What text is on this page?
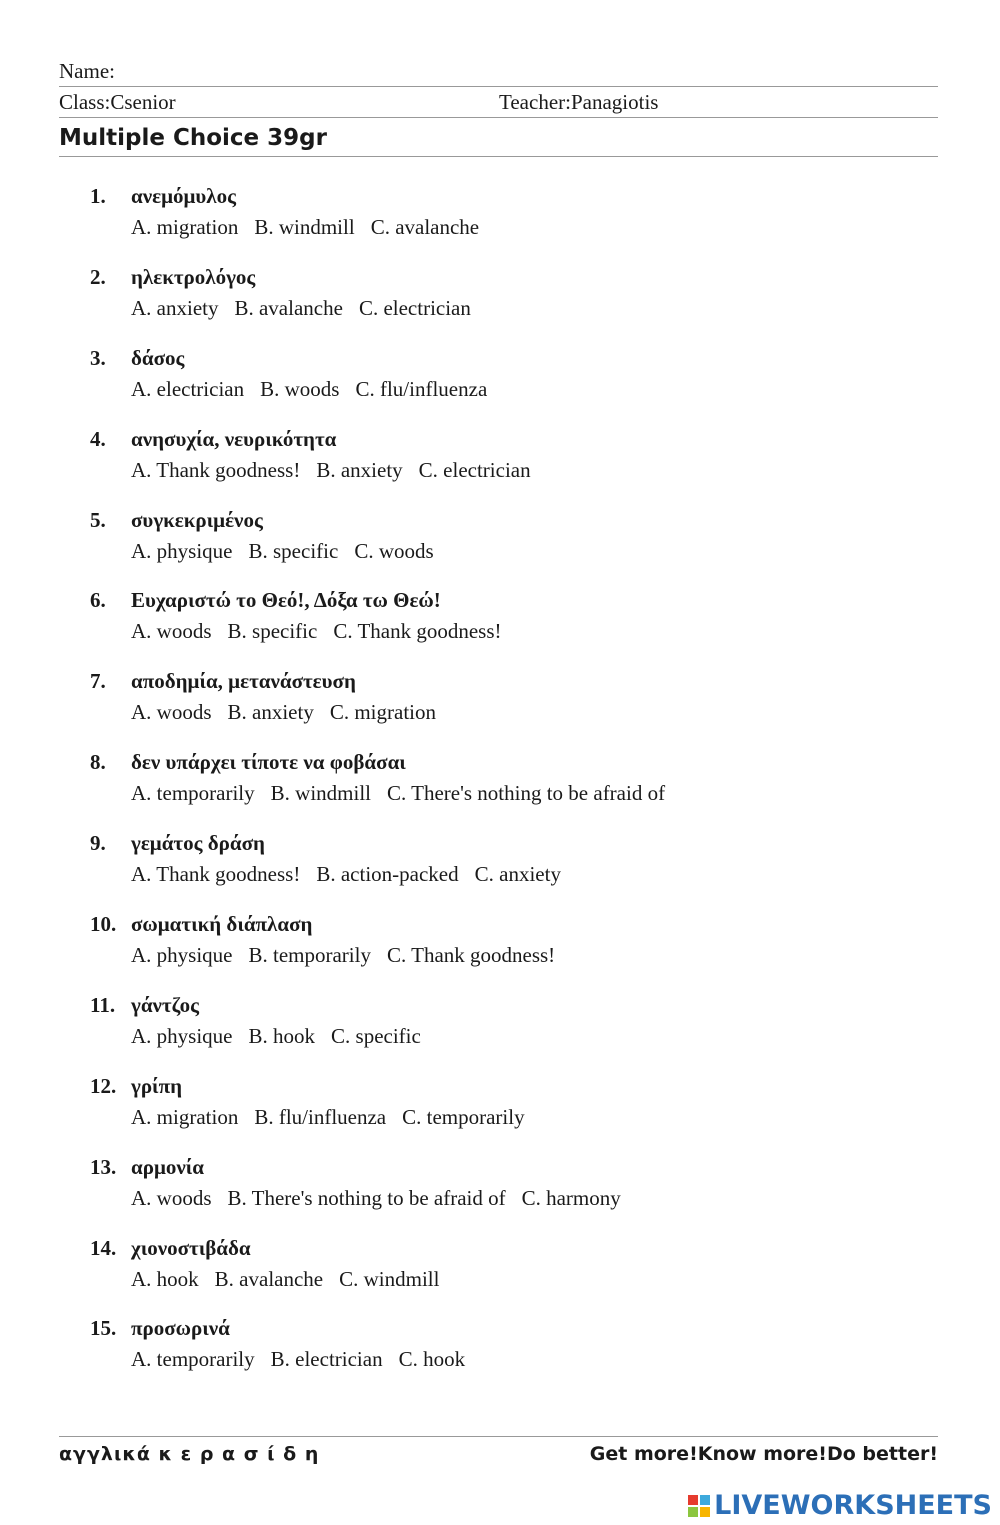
Name:
Class:Csenior	Teacher:Panagiotis
Multiple Choice 39gr
1. ανεμόμυλος
A. migration B. windmill C. avalanche
2. ηλεκτρολόγος
A. anxiety B. avalanche C. electrician
3. δάσος
A. electrician B. woods C. flu/influenza
4. ανησυχία, νευρικότητα
A. Thank goodness! B. anxiety C. electrician
5. συγκεκριμένος
A. physique B. specific C. woods
6. Ευχαριστώ το Θεό!, Δόξα τω Θεώ!
A. woods B. specific C. Thank goodness!
7. αποδημία, μετανάστευση
A. woods B. anxiety C. migration
8. δεν υπάρχει τίποτε να φοβάσαι
A. temporarily B. windmill C. There's nothing to be afraid of
9. γεμάτος δράση
A. Thank goodness! B. action-packed C. anxiety
10. σωματική διάπλαση
A. physique B. temporarily C. Thank goodness!
11. γάντζος
A. physique B. hook C. specific
12. γρίπη
A. migration B. flu/influenza C. temporarily
13. αρμονία
A. woods B. There's nothing to be afraid of C. harmony
14. χιονοστιβάδα
A. hook B. avalanche C. windmill
15. προσωρινά
A. temporarily B. electrician C. hook
αγγλικά κ ε ρ α σ ί δ η	Get more!Know more!Do better!
LIVEWORKSHEETS
